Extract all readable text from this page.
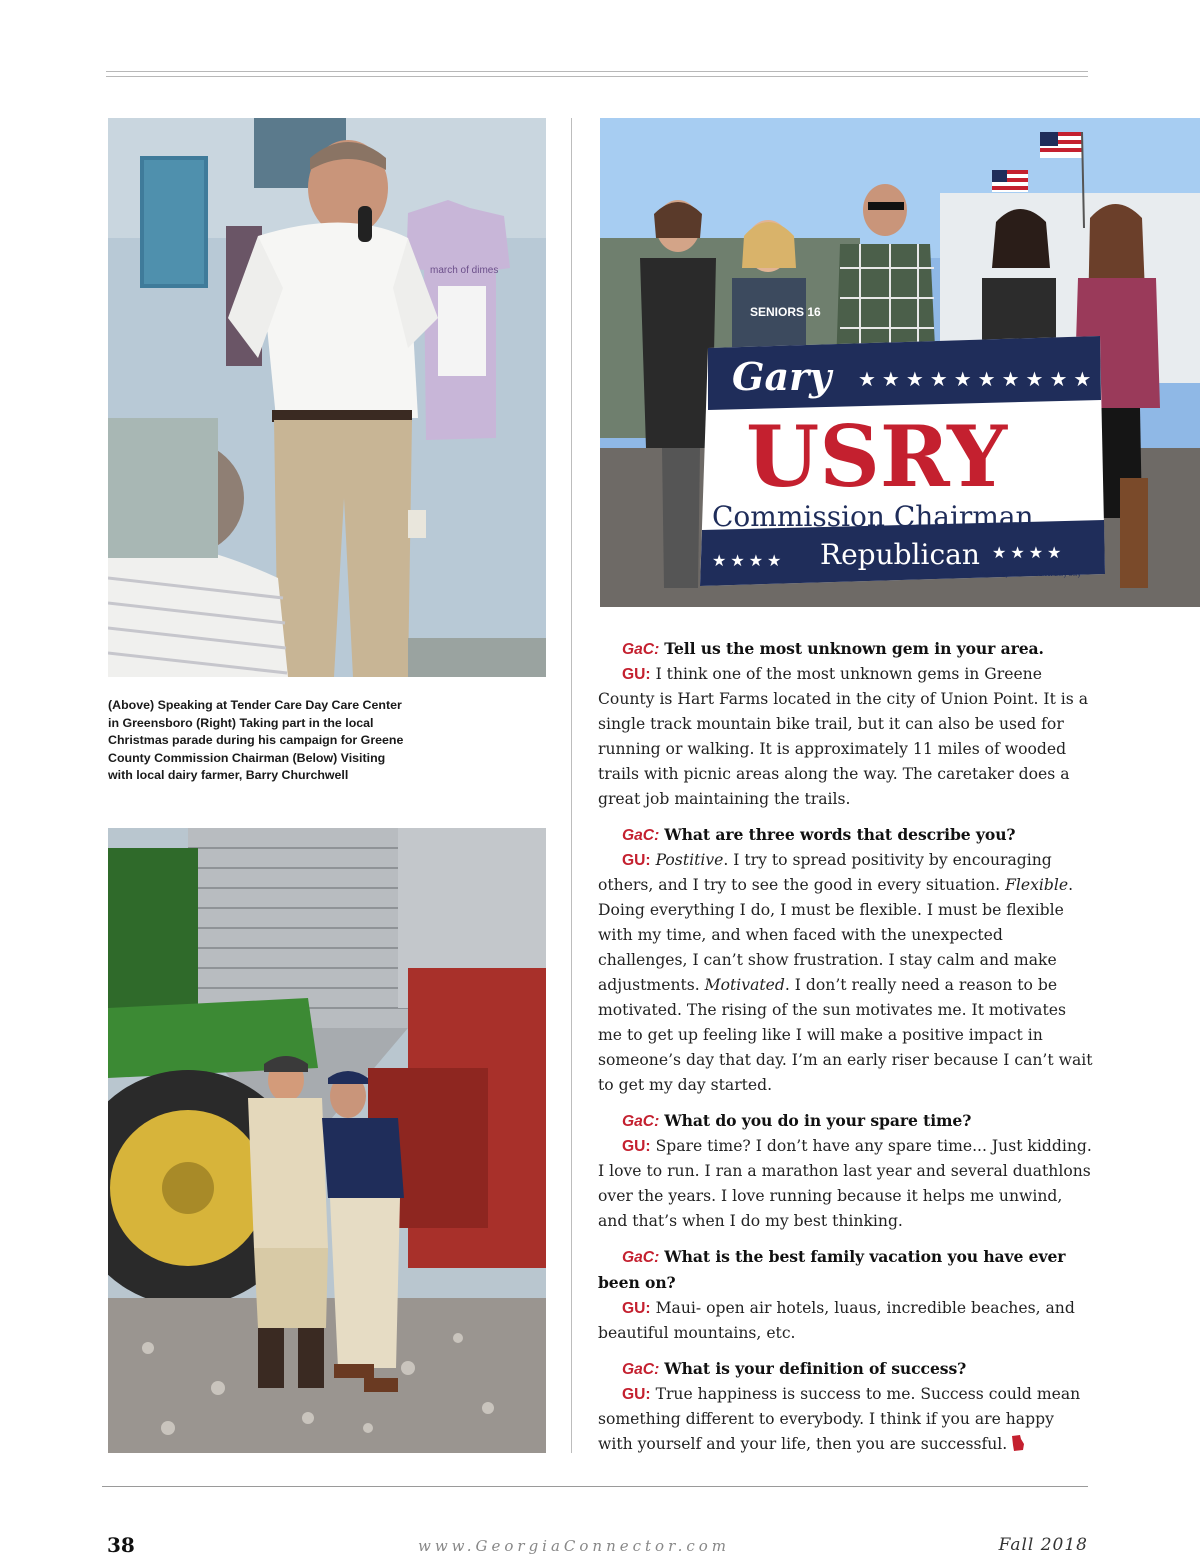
march of dimes
SENIORS 16
Gary ★★★★★★★★★★
USRY
Commission Chairman
★★★★ Republican ★★★★
Paid for by Friends to Elect Gary Usry
(Above) Speaking at Tender Care Day Care Center in Greensboro (Right) Taking part in the local Christmas parade during his campaign for Greene County Commission Chairman (Below) Visiting with local dairy farmer, Barry Churchwell
GaC: Tell us the most unknown gem in your area.
GU: I think one of the most unknown gems in Greene County is Hart Farms located in the city of Union Point. It is a single track mountain bike trail, but it can also be used for running or walking. It is approximately 11 miles of wooded trails with picnic areas along the way. The caretaker does a great job maintaining the trails.
GaC: What are three words that describe you?
GU: Postitive. I try to spread positivity by encouraging others, and I try to see the good in every situation. Flexible. Doing everything I do, I must be flexible. I must be flexible with my time, and when faced with the unexpected challenges, I can’t show frustration. I stay calm and make adjustments. Motivated. I don’t really need a reason to be motivated. The rising of the sun motivates me. It motivates me to get up feeling like I will make a positive impact in someone’s day that day. I’m an early riser because I can’t wait to get my day started.
GaC: What do you do in your spare time?
GU: Spare time? I don’t have any spare time... Just kidding. I love to run. I ran a marathon last year and several duathlons over the years. I love running because it helps me unwind, and that’s when I do my best thinking.
GaC: What is the best family vacation you have ever been on?
GU: Maui- open air hotels, luaus, incredible beaches, and beautiful mountains, etc.
GaC: What is your definition of success?
GU: True happiness is success to me. Success could mean something different to everybody. I think if you are happy with yourself and your life, then you are successful.
38	www.GeorgiaConnector.com	Fall 2018
